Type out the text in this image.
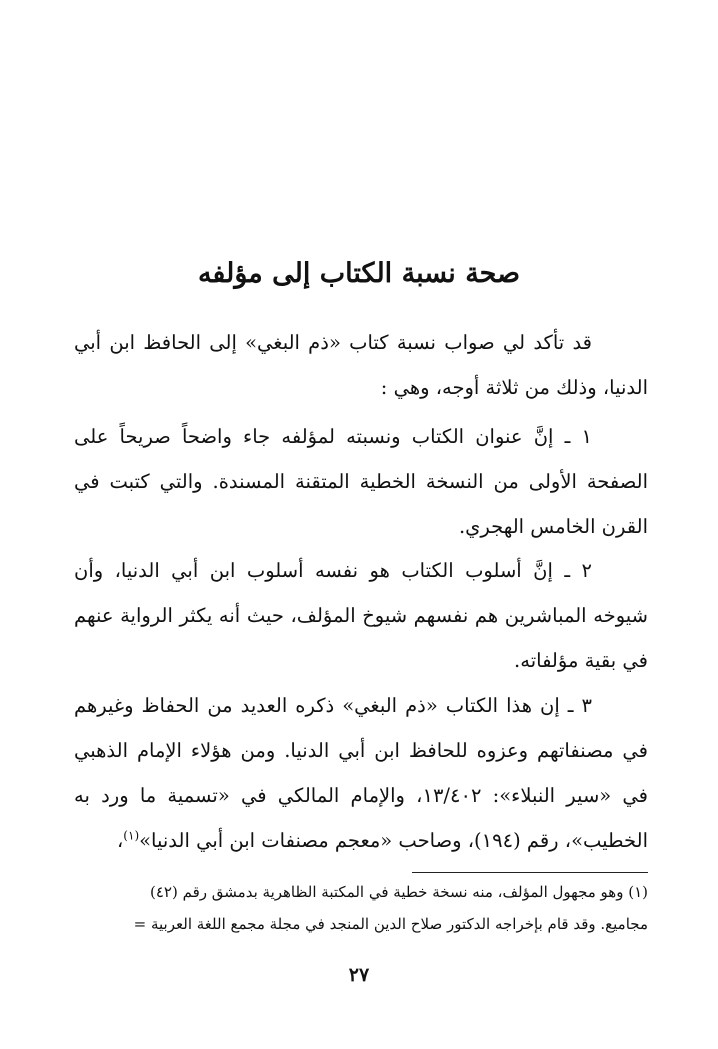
صحة نسبة الكتاب إلى مؤلفه

قد تأكد لي صواب نسبة كتاب «ذم البغي» إلى الحافظ ابن أبي الدنيا، وذلك من ثلاثة أوجه، وهي :

١ ـ إنَّ عنوان الكتاب ونسبته لمؤلفه جاء واضحاً صريحاً على الصفحة الأولى من النسخة الخطية المتقنة المسندة. والتي كتبت في القرن الخامس الهجري.

٢ ـ إنَّ أسلوب الكتاب هو نفسه أسلوب ابن أبي الدنيا، وأن شيوخه المباشرين هم نفسهم شيوخ المؤلف، حيث أنه يكثر الرواية عنهم في بقية مؤلفاته.

٣ ـ إن هذا الكتاب «ذم البغي» ذكره العديد من الحفاظ وغيرهم في مصنفاتهم وعزوه للحافظ ابن أبي الدنيا. ومن هؤلاء الإمام الذهبي في «سير النبلاء»: ١٣/٤٠٢، والإمام المالكي في «تسمية ما ورد به الخطيب»، رقم (١٩٤)، وصاحب «معجم مصنفات ابن أبي الدنيا»$^{(١)}$،

(١) وهو مجهول المؤلف، منه نسخة خطية في المكتبة الظاهرية بدمشق رقم (٤٢)

مجاميع. وقد قام بإخراجه الدكتور صلاح الدين المنجد في مجلة مجمع اللغة العربية =

٢٧
